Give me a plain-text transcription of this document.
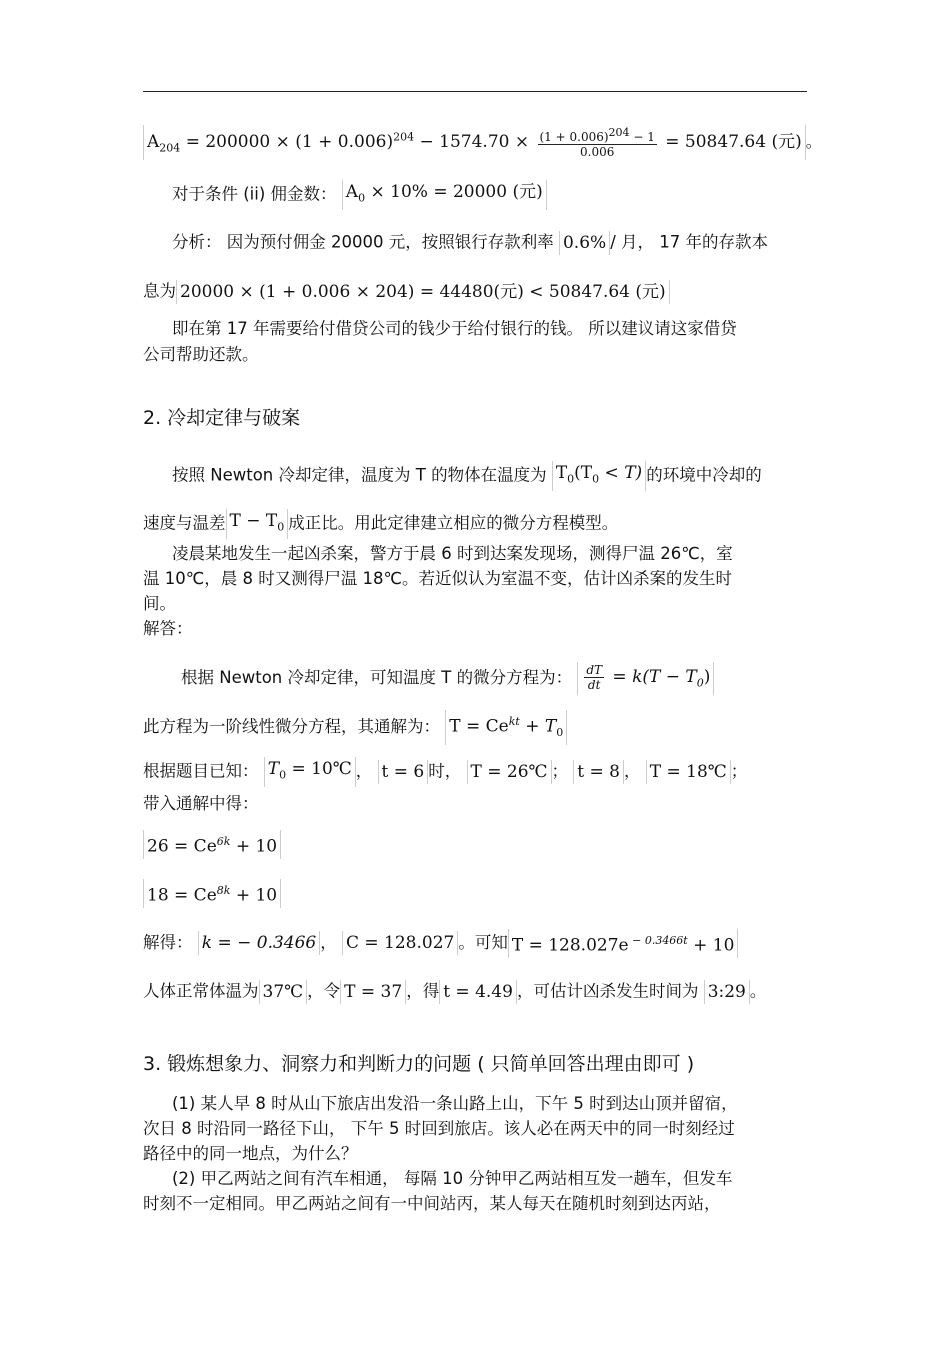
$A_{204} = 200000 \times (1 + 0.006)^{204} - 1574.70 \times \frac{(1 + 0.006)^{204} - 1}{0.006} = 50847.64$ (元) 。
对于条件 (ii) 佣金数： $A_0 \times 10\% = 20000$ (元)
分析： 因为预付佣金 20000 元，按照银行存款利率 0.6% / 月， 17 年的存款本
息为 20000 × (1 + 0.006 × 204) = 44480(元) < 50847.64 (元)
即在第 17 年需要给付借贷公司的钱少于给付银行的钱。 所以建议请这家借贷
公司帮助还款。
2. 冷却定律与破案
按照 Newton 冷却定律，温度为 T 的物体在温度为 $T_0(T_0 < T)$ 的环境中冷却的
速度与温差 $T - T_0$ 成正比。用此定律建立相应的微分方程模型。
凌晨某地发生一起凶杀案，警方于晨 6 时到达案发现场，测得尸温 26℃，室
温 10℃，晨 8 时又测得尸温 18℃。若近似认为室温不变，估计凶杀案的发生时
间。
解答：
根据 Newton 冷却定律，可知温度 T 的微分方程为： $\frac{dT}{dt} = k(T - T_0)$
此方程为一阶线性微分方程，其通解为： $T = Ce^{kt} + T_0$
根据题目已知： $T_0$ = 10℃ ， t = 6 时， T = 26℃ ； t = 8 ， T = 18℃ ；
带入通解中得：
$26 = Ce^{6k} + 10$
$18 = Ce^{8k} + 10$
解得： k = − 0.3466 ， C = 128.027 。可知 T = 128.027e $^{- 0.3466t}$ + 10
人体正常体温为 37℃ ，令 T = 37 ，得 t = 4.49 ，可估计凶杀发生时间为 3:29 。
3. 锻炼想象力、洞察力和判断力的问题 ( 只简单回答出理由即可 )
(1) 某人早 8 时从山下旅店出发沿一条山路上山，下午 5 时到达山顶并留宿，
次日 8 时沿同一路径下山， 下午 5 时回到旅店。该人必在两天中的同一时刻经过
路径中的同一地点，为什么？
(2) 甲乙两站之间有汽车相通， 每隔 10 分钟甲乙两站相互发一趟车，但发车
时刻不一定相同。甲乙两站之间有一中间站丙，某人每天在随机时刻到达丙站，
